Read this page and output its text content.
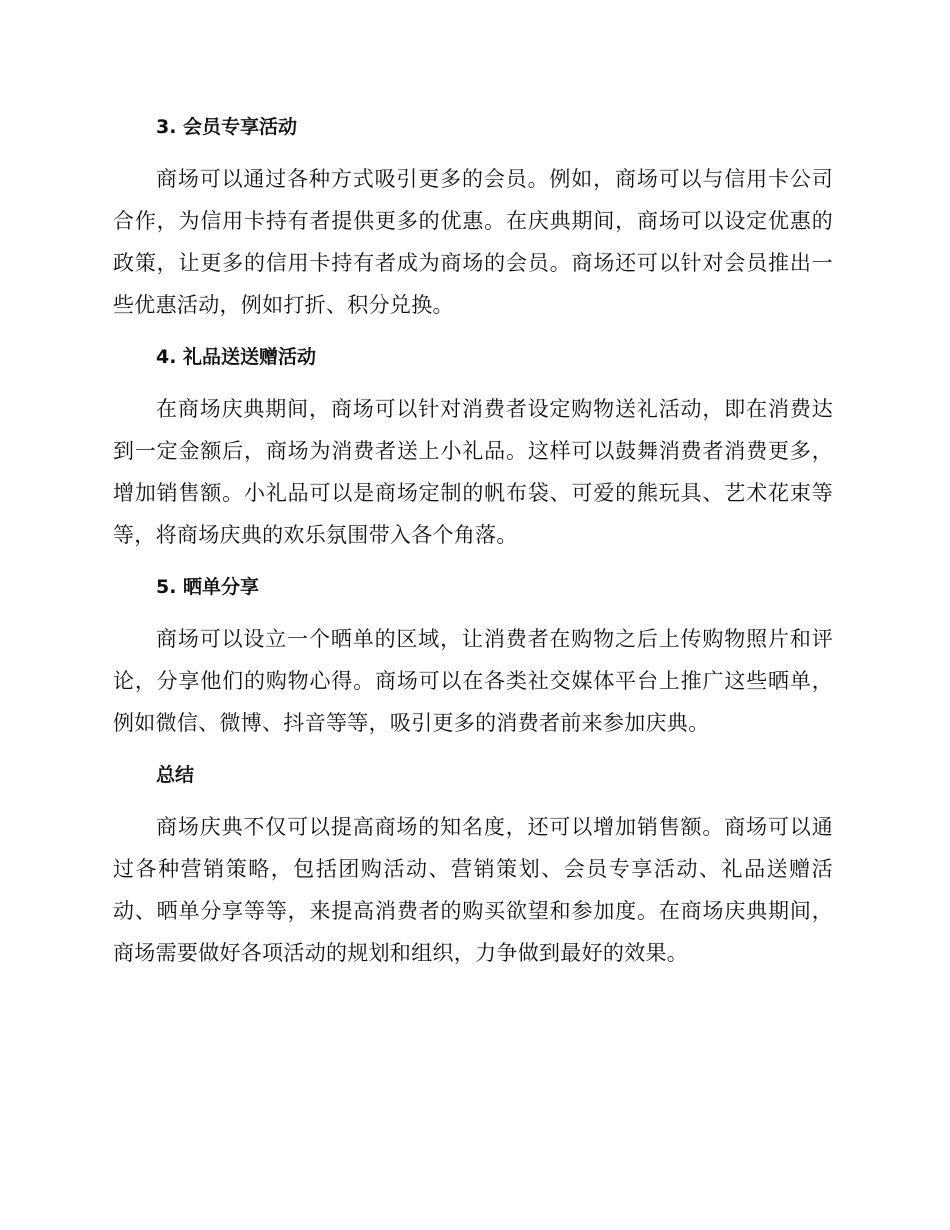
3. 会员专享活动

商场可以通过各种方式吸引更多的会员。例如，商场可以与信用卡公司合作，为信用卡持有者提供更多的优惠。在庆典期间，商场可以设定优惠的政策，让更多的信用卡持有者成为商场的会员。商场还可以针对会员推出一些优惠活动，例如打折、积分兑换。

4. 礼品送送赠活动

在商场庆典期间，商场可以针对消费者设定购物送礼活动，即在消费达到一定金额后，商场为消费者送上小礼品。这样可以鼓舞消费者消费更多，增加销售额。小礼品可以是商场定制的帆布袋、可爱的熊玩具、艺术花束等等，将商场庆典的欢乐氛围带入各个角落。

5. 晒单分享

商场可以设立一个晒单的区域，让消费者在购物之后上传购物照片和评论，分享他们的购物心得。商场可以在各类社交媒体平台上推广这些晒单，例如微信、微博、抖音等等，吸引更多的消费者前来参加庆典。

总结

商场庆典不仅可以提高商场的知名度，还可以增加销售额。商场可以通过各种营销策略，包括团购活动、营销策划、会员专享活动、礼品送赠活动、晒单分享等等，来提高消费者的购买欲望和参加度。在商场庆典期间，商场需要做好各项活动的规划和组织，力争做到最好的效果。
